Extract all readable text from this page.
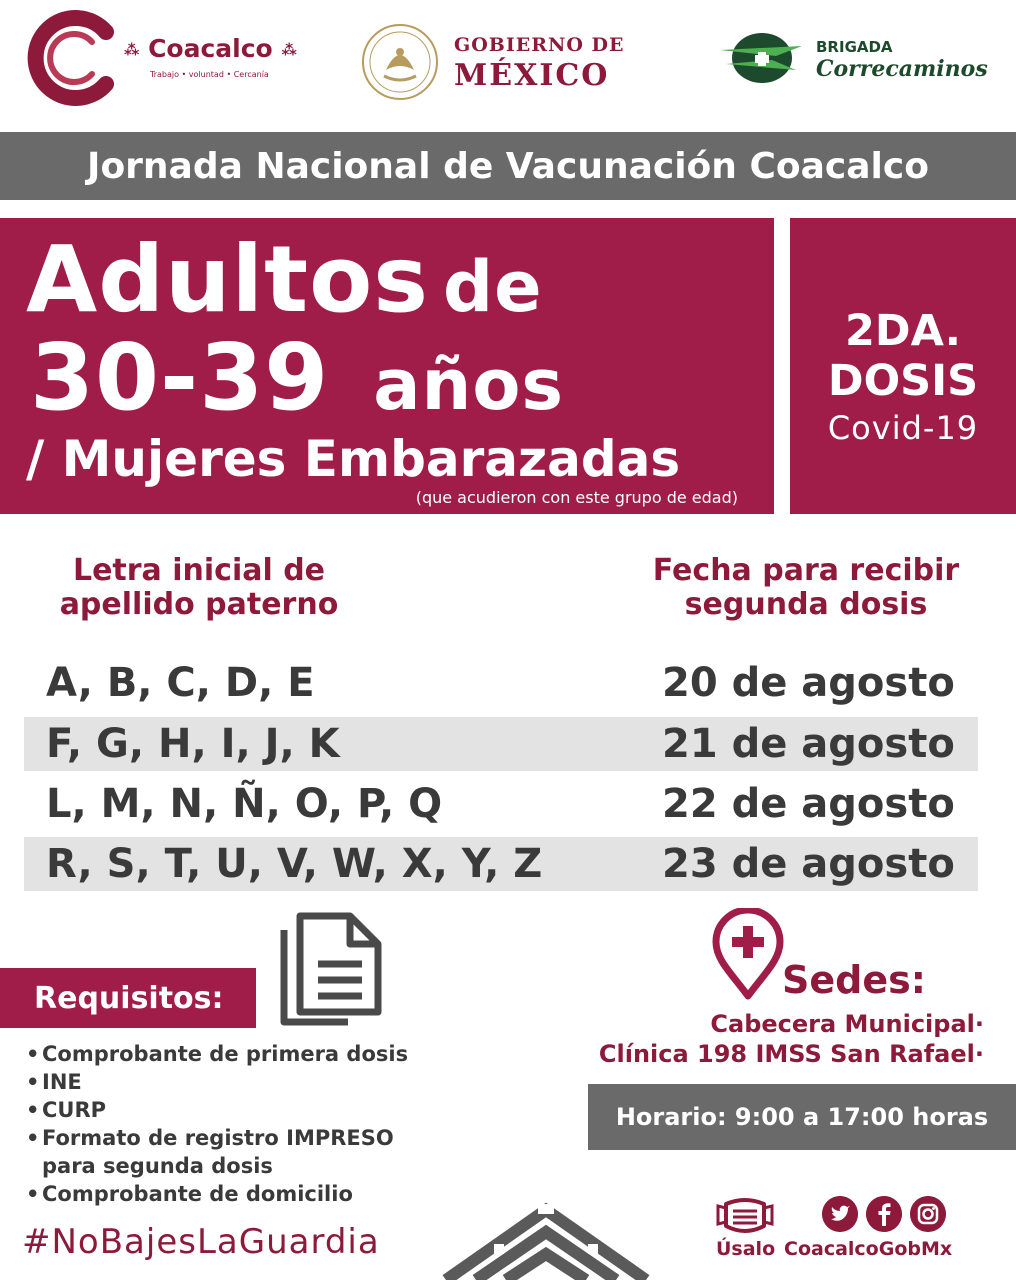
⁂ Coacalco ⁂
Trabajo • voluntad • Cercanía
GOBIERNO DE
MÉXICO
BRIGADA
Correcaminos
Jornada Nacional de Vacunación Coacalco
Adultos de
30-39 años
/ Mujeres Embarazadas
(que acudieron con este grupo de edad)
2DA.
DOSIS
Covid-19
Letra inicial de
apellido paterno
Fecha para recibir
segunda dosis
A, B, C, D, E	20 de agosto
F, G, H, I, J, K	21 de agosto
L, M, N, Ñ, O, P, Q	22 de agosto
R, S, T, U, V, W, X, Y, Z	23 de agosto
Requisitos:
• Comprobante de primera dosis
• INE
• CURP
• Formato de registro IMPRESO
para segunda dosis
• Comprobante de domicilio
#NoBajesLaGuardia
Sedes:
Cabecera Municipal·
Clínica 198 IMSS San Rafael·
Horario: 9:00 a 17:00 horas
Úsalo CoacalcoGobMx
